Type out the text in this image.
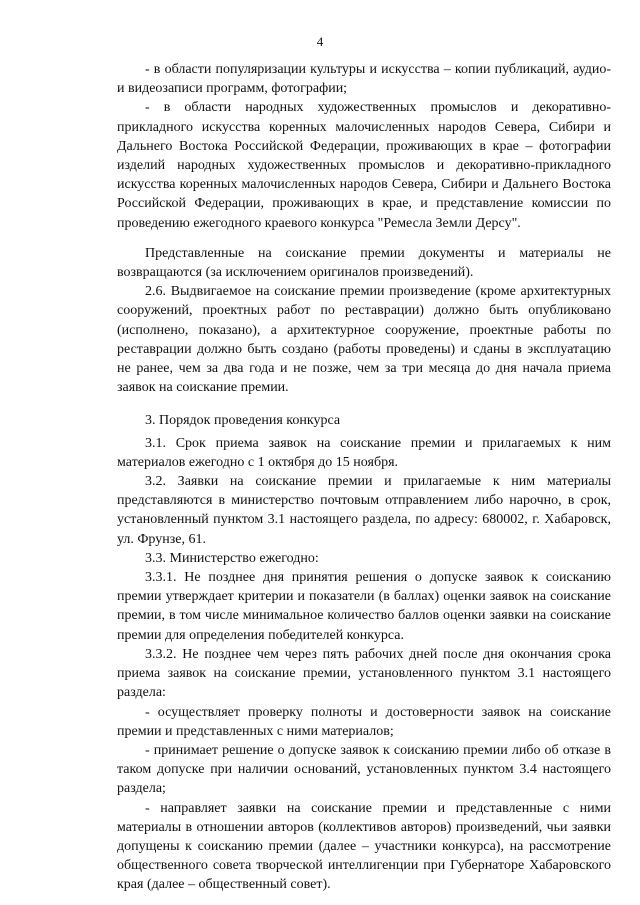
4

- в области популяризации культуры и искусства – копии публикаций, аудио- и видеозаписи программ, фотографии;

- в области народных художественных промыслов и декоративно-прикладного искусства коренных малочисленных народов Севера, Сибири и Дальнего Востока Российской Федерации, проживающих в крае – фотографии изделий народных художественных промыслов и декоративно-прикладного искусства коренных малочисленных народов Севера, Сибири и Дальнего Востока Российской Федерации, проживающих в крае, и представление комиссии по проведению ежегодного краевого конкурса "Ремесла Земли Дерсу".

Представленные на соискание премии документы и материалы не возвращаются (за исключением оригиналов произведений).

2.6. Выдвигаемое на соискание премии произведение (кроме архитектурных сооружений, проектных работ по реставрации) должно быть опубликовано (исполнено, показано), а архитектурное сооружение, проектные работы по реставрации должно быть создано (работы проведены) и сданы в эксплуатацию не ранее, чем за два года и не позже, чем за три месяца до дня начала приема заявок на соискание премии.

3. Порядок проведения конкурса

3.1. Срок приема заявок на соискание премии и прилагаемых к ним материалов ежегодно с 1 октября до 15 ноября.

3.2. Заявки на соискание премии и прилагаемые к ним материалы представляются в министерство почтовым отправлением либо нарочно, в срок, установленный пунктом 3.1 настоящего раздела, по адресу: 680002, г. Хабаровск, ул. Фрунзе, 61.

3.3. Министерство ежегодно:

3.3.1. Не позднее дня принятия решения о допуске заявок к соисканию премии утверждает критерии и показатели (в баллах) оценки заявок на соискание премии, в том числе минимальное количество баллов оценки заявки на соискание премии для определения победителей конкурса.

3.3.2. Не позднее чем через пять рабочих дней после дня окончания срока приема заявок на соискание премии, установленного пунктом 3.1 настоящего раздела:

- осуществляет проверку полноты и достоверности заявок на соискание премии и представленных с ними материалов;

- принимает решение о допуске заявок к соисканию премии либо об отказе в таком допуске при наличии оснований, установленных пунктом 3.4 настоящего раздела;

- направляет заявки на соискание премии и представленные с ними материалы в отношении авторов (коллективов авторов) произведений, чьи заявки допущены к соисканию премии (далее – участники конкурса), на рассмотрение общественного совета творческой интеллигенции при Губернаторе Хабаровского края (далее – общественный совет).
